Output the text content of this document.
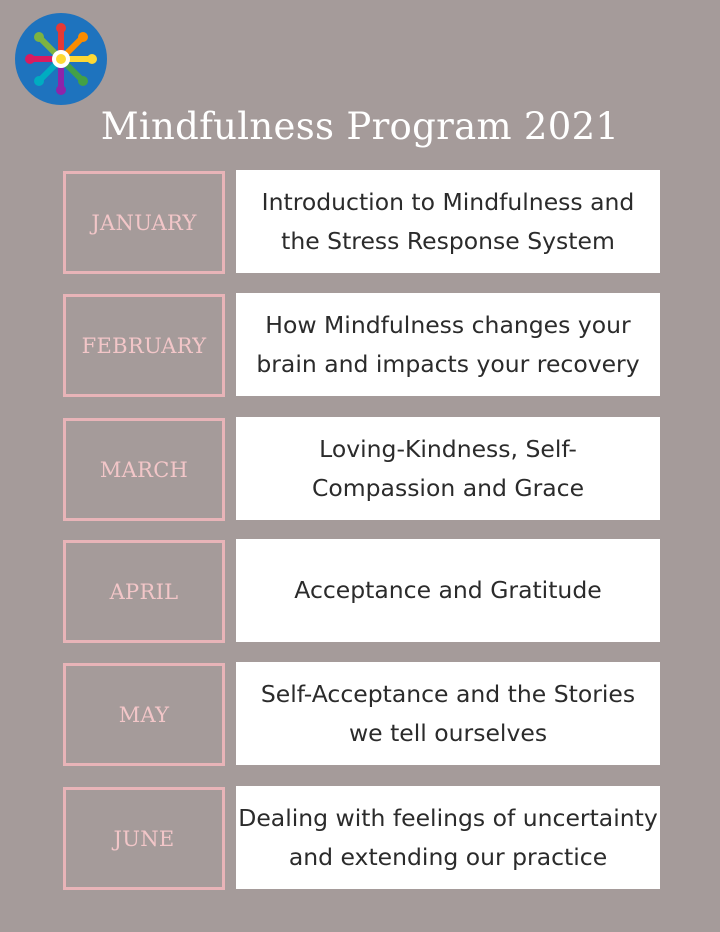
Mindfulness Program 2021
JANUARY
Introduction to Mindfulness and
the Stress Response System
FEBRUARY
How Mindfulness changes your
brain and impacts your recovery
MARCH
Loving-Kindness, Self-
Compassion and Grace
APRIL	Acceptance and Gratitude
MAY
Self-Acceptance and the Stories
we tell ourselves
JUNE
Dealing with feelings of uncertainty
and extending our practice
